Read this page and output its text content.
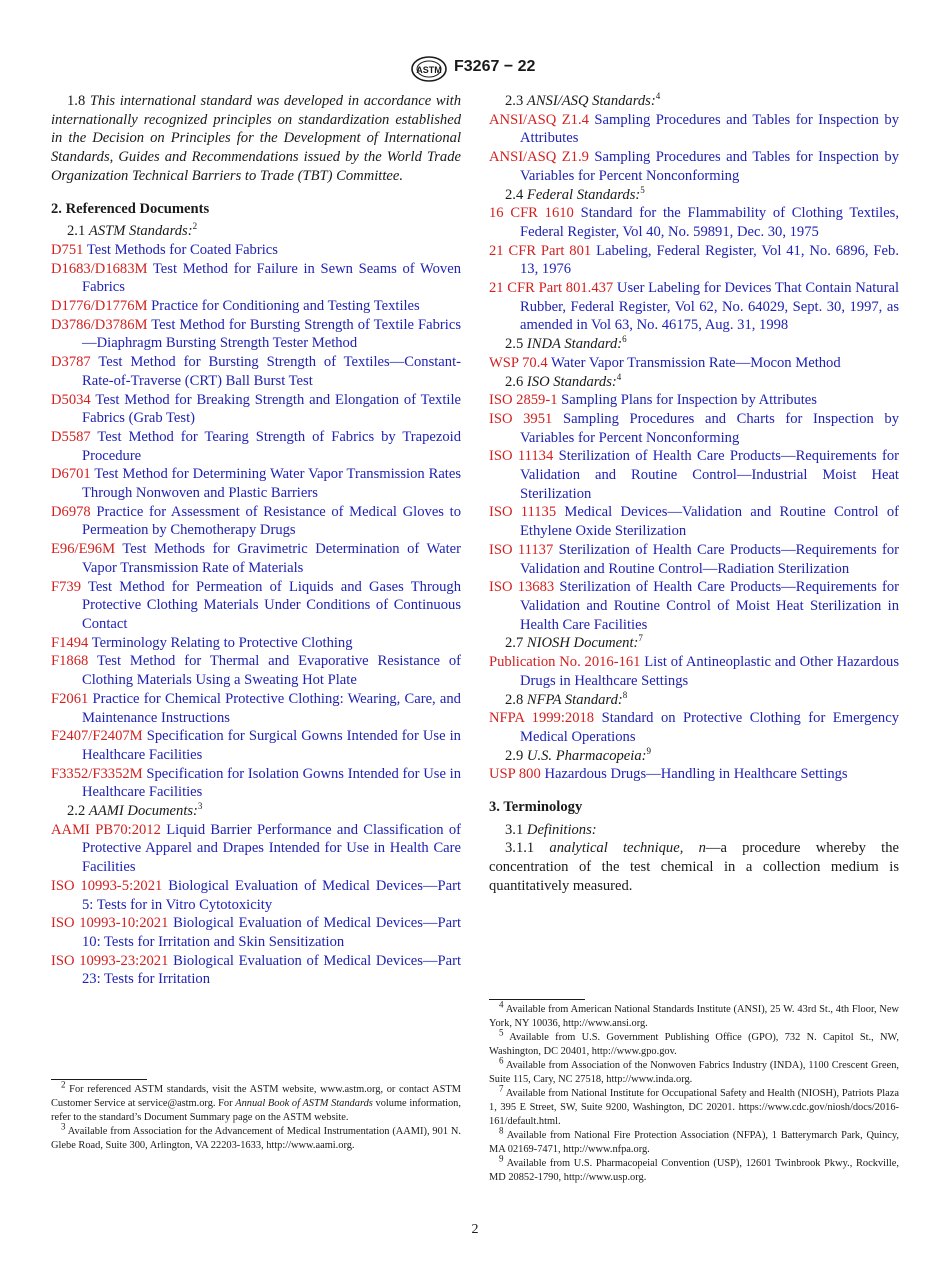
ASTM F3267 − 22

1.8 This international standard was developed in accordance with internationally recognized principles on standardization established in the Decision on Principles for the Development of International Standards, Guides and Recommendations issued by the World Trade Organization Technical Barriers to Trade (TBT) Committee.

2. Referenced Documents

2.1 ASTM Standards:$^2$

D751 Test Methods for Coated Fabrics

D1683/D1683M Test Method for Failure in Sewn Seams of Woven Fabrics

D1776/D1776M Practice for Conditioning and Testing Textiles

D3786/D3786M Test Method for Bursting Strength of Textile Fabrics—Diaphragm Bursting Strength Tester Method

D3787 Test Method for Bursting Strength of Textiles—Constant-Rate-of-Traverse (CRT) Ball Burst Test

D5034 Test Method for Breaking Strength and Elongation of Textile Fabrics (Grab Test)

D5587 Test Method for Tearing Strength of Fabrics by Trapezoid Procedure

D6701 Test Method for Determining Water Vapor Transmission Rates Through Nonwoven and Plastic Barriers

D6978 Practice for Assessment of Resistance of Medical Gloves to Permeation by Chemotherapy Drugs

E96/E96M Test Methods for Gravimetric Determination of Water Vapor Transmission Rate of Materials

F739 Test Method for Permeation of Liquids and Gases Through Protective Clothing Materials Under Conditions of Continuous Contact

F1494 Terminology Relating to Protective Clothing

F1868 Test Method for Thermal and Evaporative Resistance of Clothing Materials Using a Sweating Hot Plate

F2061 Practice for Chemical Protective Clothing: Wearing, Care, and Maintenance Instructions

F2407/F2407M Specification for Surgical Gowns Intended for Use in Healthcare Facilities

F3352/F3352M Specification for Isolation Gowns Intended for Use in Healthcare Facilities

2.2 AAMI Documents:$^3$

AAMI PB70:2012 Liquid Barrier Performance and Classification of Protective Apparel and Drapes Intended for Use in Health Care Facilities

ISO 10993-5:2021 Biological Evaluation of Medical Devices—Part 5: Tests for in Vitro Cytotoxicity

ISO 10993-10:2021 Biological Evaluation of Medical Devices—Part 10: Tests for Irritation and Skin Sensitization

ISO 10993-23:2021 Biological Evaluation of Medical Devices—Part 23: Tests for Irritation

2.3 ANSI/ASQ Standards:$^4$

ANSI/ASQ Z1.4 Sampling Procedures and Tables for Inspection by Attributes

ANSI/ASQ Z1.9 Sampling Procedures and Tables for Inspection by Variables for Percent Nonconforming

2.4 Federal Standards:$^5$

16 CFR 1610 Standard for the Flammability of Clothing Textiles, Federal Register, Vol 40, No. 59891, Dec. 30, 1975

21 CFR Part 801 Labeling, Federal Register, Vol 41, No. 6896, Feb. 13, 1976

21 CFR Part 801.437 User Labeling for Devices That Contain Natural Rubber, Federal Register, Vol 62, No. 64029, Sept. 30, 1997, as amended in Vol 63, No. 46175, Aug. 31, 1998

2.5 INDA Standard:$^6$

WSP 70.4 Water Vapor Transmission Rate—Mocon Method

2.6 ISO Standards:$^4$

ISO 2859-1 Sampling Plans for Inspection by Attributes

ISO 3951 Sampling Procedures and Charts for Inspection by Variables for Percent Nonconforming

ISO 11134 Sterilization of Health Care Products—Requirements for Validation and Routine Control—Industrial Moist Heat Sterilization

ISO 11135 Medical Devices—Validation and Routine Control of Ethylene Oxide Sterilization

ISO 11137 Sterilization of Health Care Products—Requirements for Validation and Routine Control—Radiation Sterilization

ISO 13683 Sterilization of Health Care Products—Requirements for Validation and Routine Control of Moist Heat Sterilization in Health Care Facilities

2.7 NIOSH Document:$^7$

Publication No. 2016-161 List of Antineoplastic and Other Hazardous Drugs in Healthcare Settings

2.8 NFPA Standard:$^8$

NFPA 1999:2018 Standard on Protective Clothing for Emergency Medical Operations

2.9 U.S. Pharmacopeia:$^9$

USP 800 Hazardous Drugs—Handling in Healthcare Settings

3. Terminology

3.1 Definitions:

3.1.1 analytical technique, n—a procedure whereby the concentration of the test chemical in a collection medium is quantitatively measured.

$^2$ For referenced ASTM standards, visit the ASTM website, www.astm.org, or contact ASTM Customer Service at service@astm.org. For Annual Book of ASTM Standards volume information, refer to the standard’s Document Summary page on the ASTM website.

$^3$ Available from Association for the Advancement of Medical Instrumentation (AAMI), 901 N. Glebe Road, Suite 300, Arlington, VA 22203-1633, http://www.aami.org.

$^4$ Available from American National Standards Institute (ANSI), 25 W. 43rd St., 4th Floor, New York, NY 10036, http://www.ansi.org.

$^5$ Available from U.S. Government Publishing Office (GPO), 732 N. Capitol St., NW, Washington, DC 20401, http://www.gpo.gov.

$^6$ Available from Association of the Nonwoven Fabrics Industry (INDA), 1100 Crescent Green, Suite 115, Cary, NC 27518, http://www.inda.org.

$^7$ Available from National Institute for Occupational Safety and Health (NIOSH), Patriots Plaza 1, 395 E Street, SW, Suite 9200, Washington, DC 20201. https://www.cdc.gov/niosh/docs/2016-161/default.html.

$^8$ Available from National Fire Protection Association (NFPA), 1 Batterymarch Park, Quincy, MA 02169-7471, http://www.nfpa.org.

$^9$ Available from U.S. Pharmacopeial Convention (USP), 12601 Twinbrook Pkwy., Rockville, MD 20852-1790, http://www.usp.org.

2
